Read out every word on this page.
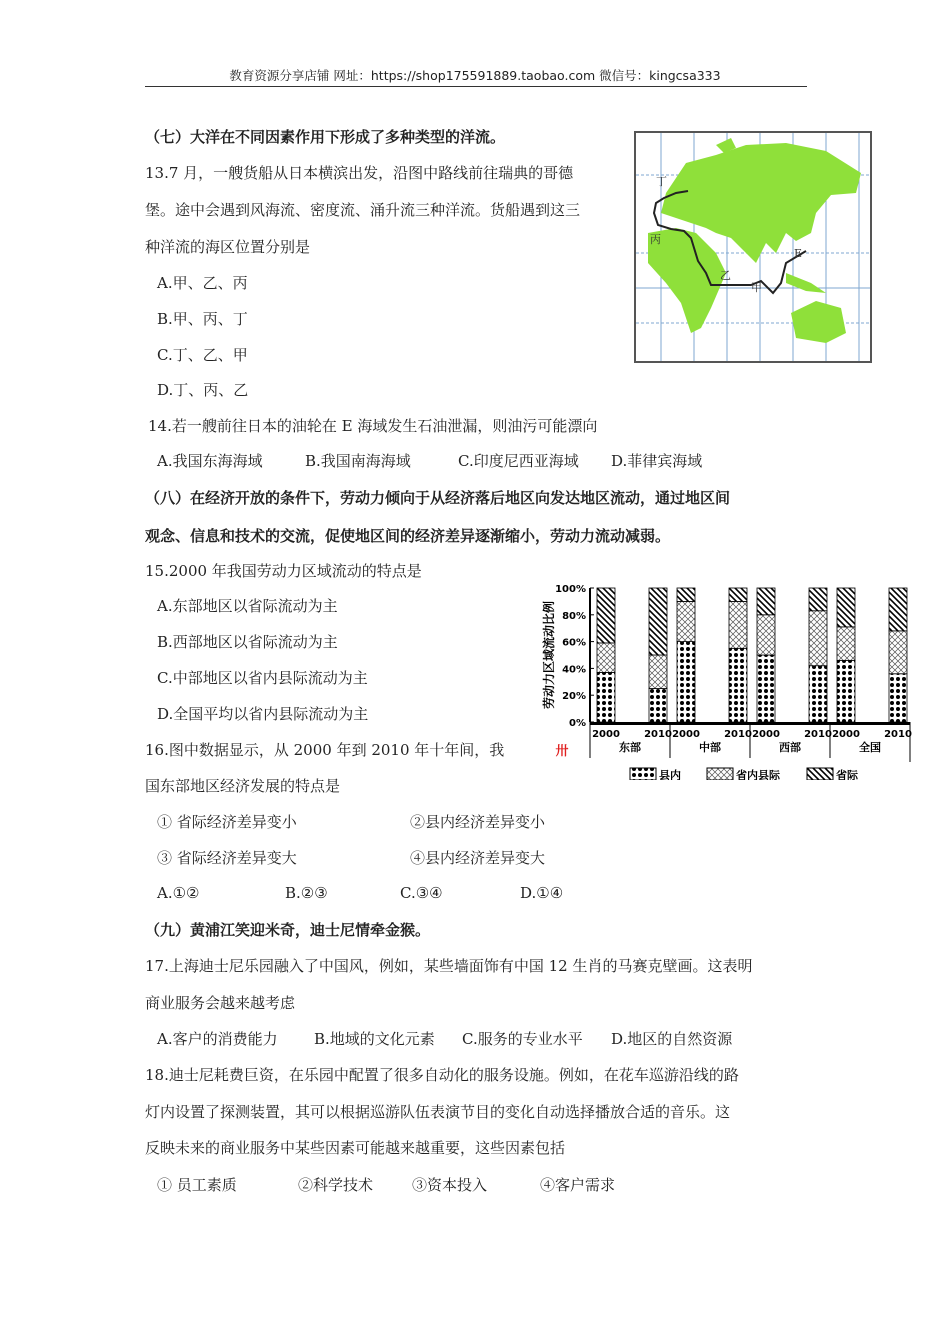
教育资源分享店铺 网址：https://shop175591889.taobao.com 微信号：kingcsa333
（七）大洋在不同因素作用下形成了多种类型的洋流。
13.7 月，一艘货船从日本横滨出发，沿图中路线前往瑞典的哥德
堡。途中会遇到风海流、密度流、涌升流三种洋流。货船遇到这三
种洋流的海区位置分别是
A.甲、乙、丙
B.甲、丙、丁
C.丁、乙、甲
D.丁、丙、乙
丁
丙
乙
甲
E
14.若一艘前往日本的油轮在 E 海域发生石油泄漏，则油污可能漂向
A.我国东海海域	B.我国南海海域	C.印度尼西亚海域 D.菲律宾海域
（八）在经济开放的条件下，劳动力倾向于从经济落后地区向发达地区流动，通过地区间
观念、信息和技术的交流，促使地区间的经济差异逐渐缩小，劳动力流动减弱。
15.2000 年我国劳动力区域流动的特点是
A.东部地区以省际流动为主
B.西部地区以省际流动为主
C.中部地区以省内县际流动为主
D.全国平均以省内县际流动为主
0%
20%
40%
60%
80%
100%
劳动力区域流动比例
2000 2010 2000 2010 2000 2010 2000 2010
东部	中部	西部	全国
卅
县内	省内县际	省际
16.图中数据显示，从 2000 年到 2010 年十年间，我
国东部地区经济发展的特点是
① 省际经济差异变小	②县内经济差异变小
③ 省际经济差异变大	④县内经济差异变大
A.①②	B.②③	C.③④	D.①④
（九）黄浦江笑迎米奇，迪士尼情牵金猴。
17.上海迪士尼乐园融入了中国风，例如，某些墙面饰有中国 12 生肖的马赛克壁画。这表明
商业服务会越来越考虑
A.客户的消费能力 B.地域的文化元素 C.服务的专业水平 D.地区的自然资源
18.迪士尼耗费巨资，在乐园中配置了很多自动化的服务设施。例如，在花车巡游沿线的路
灯内设置了探测装置，其可以根据巡游队伍表演节目的变化自动选择播放合适的音乐。这
反映未来的商业服务中某些因素可能越来越重要，这些因素包括
① 员工素质	②科学技术	③资本投入	④客户需求
